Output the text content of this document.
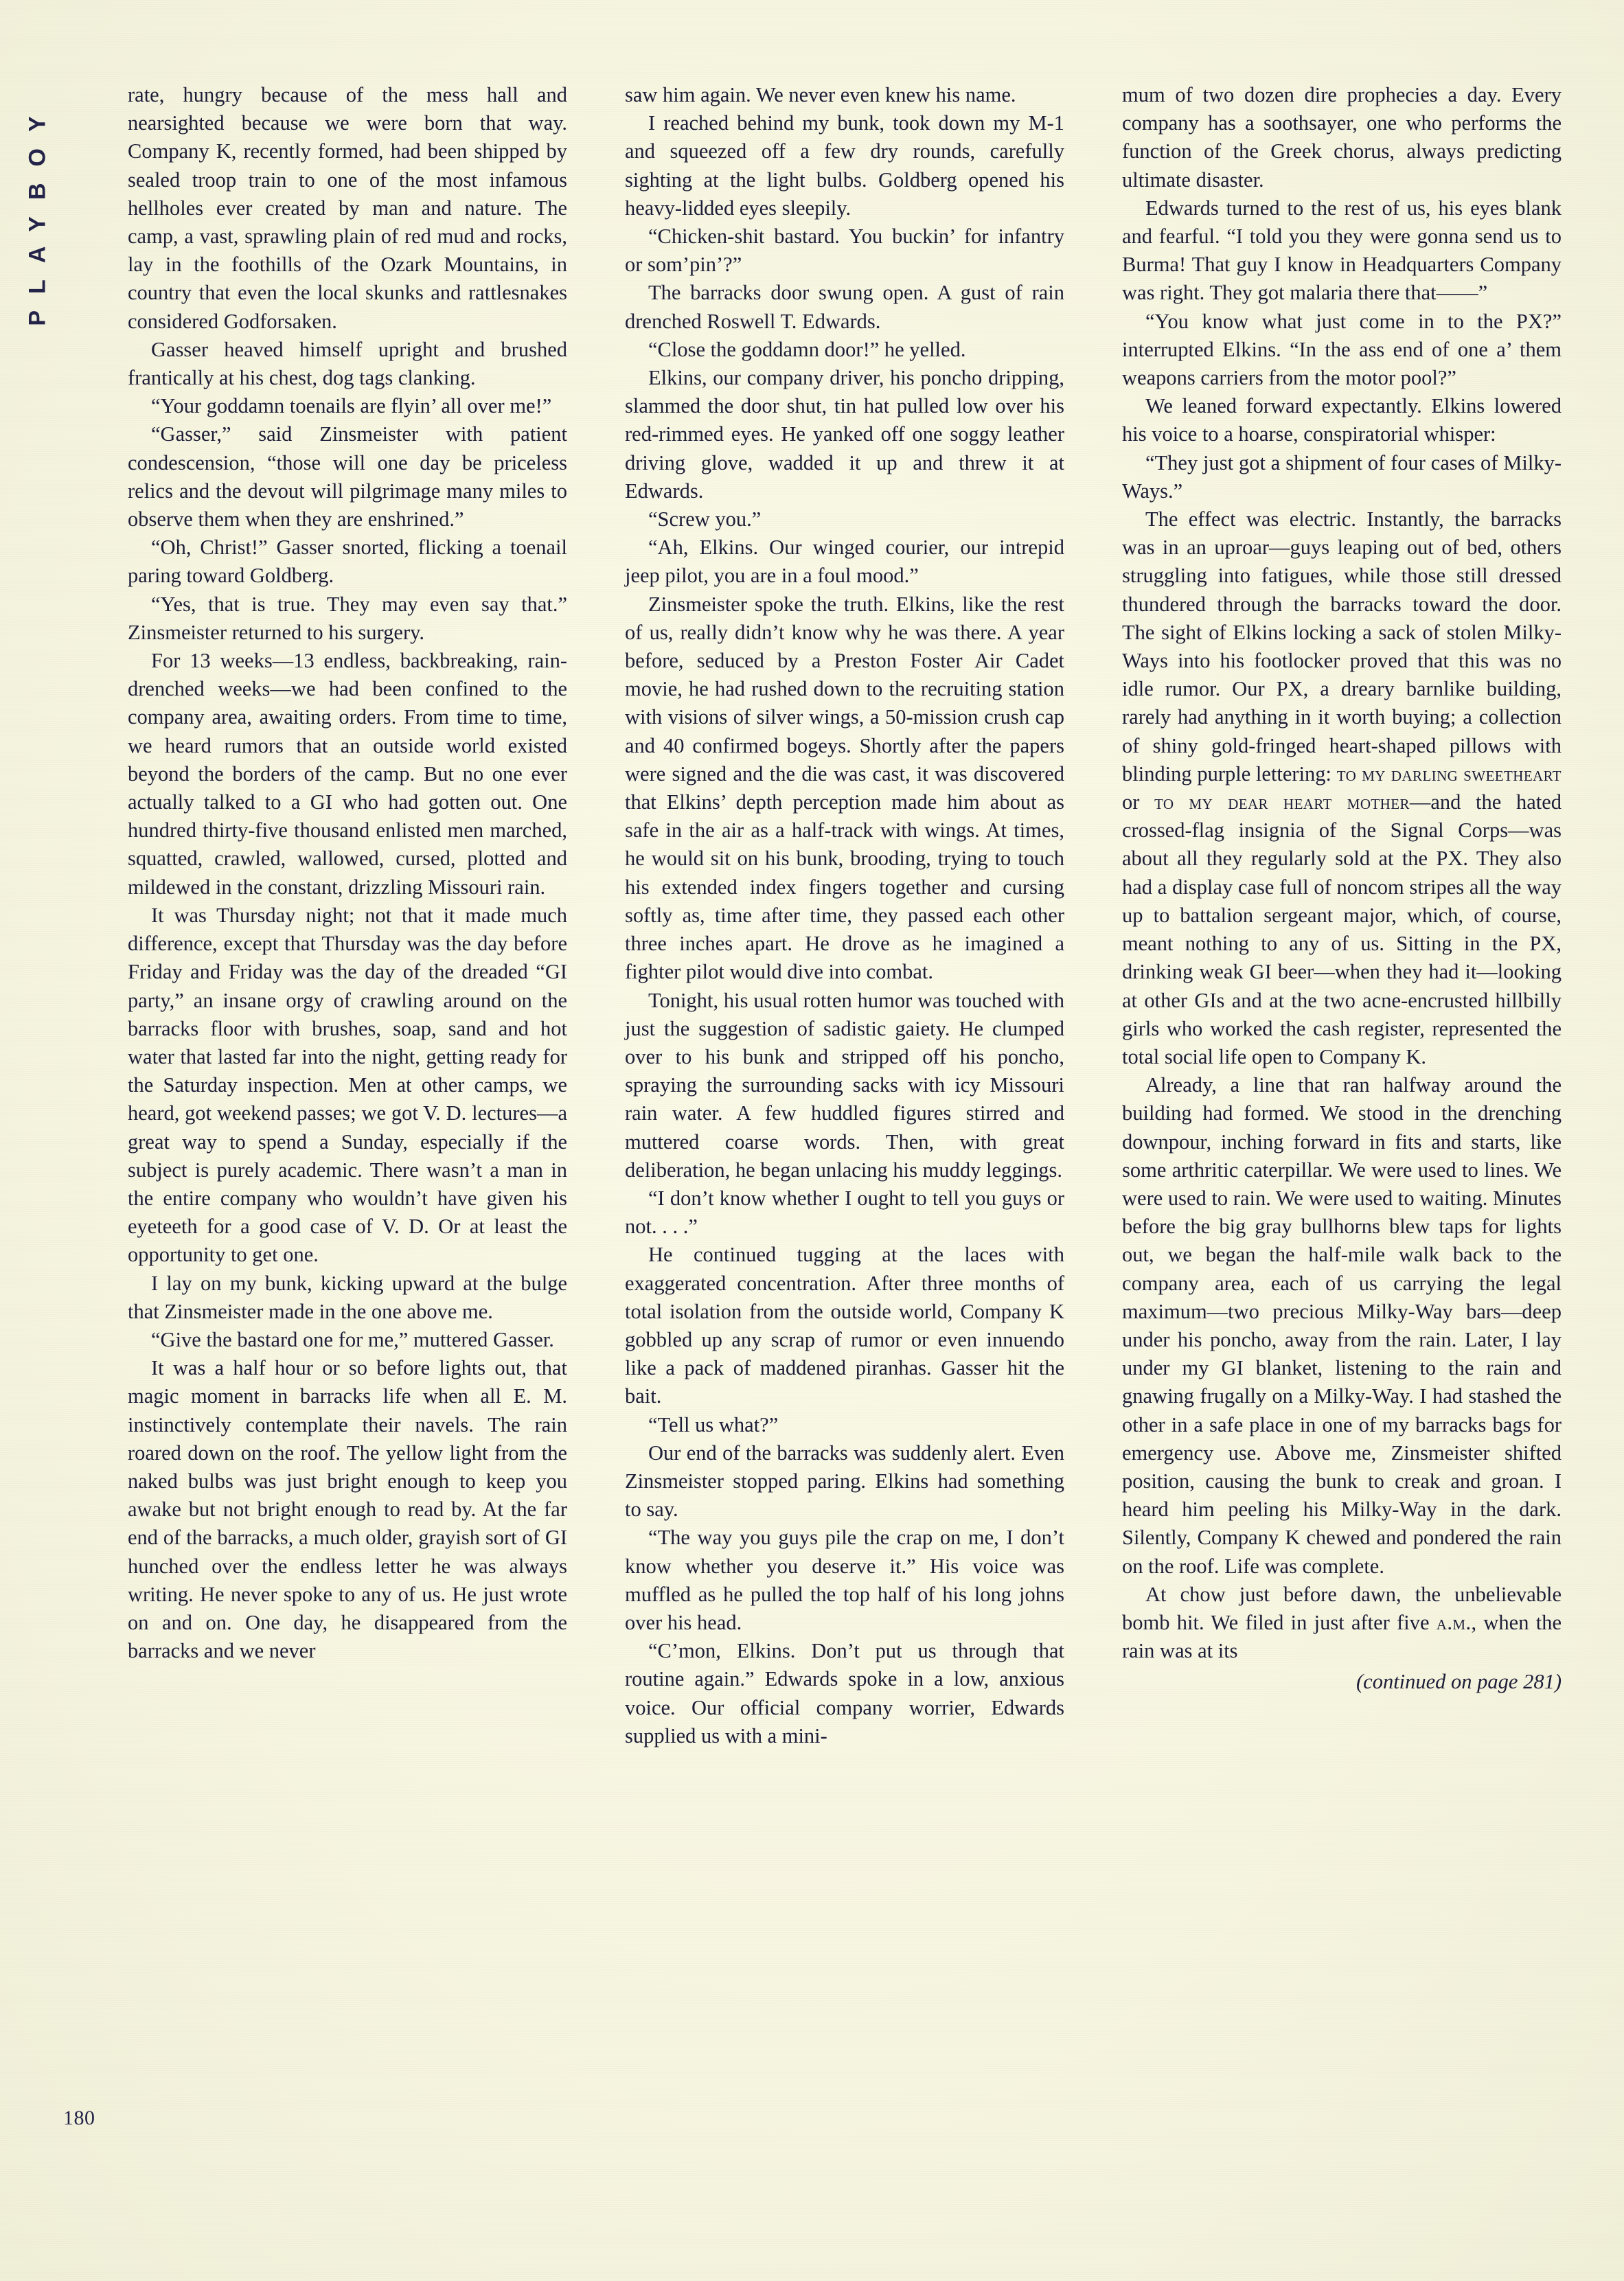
PLAYBOY
180

rate, hungry because of the mess hall and nearsighted because we were born that way. Company K, recently formed, had been shipped by sealed troop train to one of the most infamous hellholes ever created by man and nature. The camp, a vast, sprawling plain of red mud and rocks, lay in the foothills of the Ozark Mountains, in country that even the local skunks and rattlesnakes considered Godforsaken.

Gasser heaved himself upright and brushed frantically at his chest, dog tags clanking.

“Your goddamn toenails are flyin’ all over me!”

“Gasser,” said Zinsmeister with patient condescension, “those will one day be priceless relics and the devout will pilgrimage many miles to observe them when they are enshrined.”

“Oh, Christ!” Gasser snorted, flicking a toenail paring toward Goldberg.

“Yes, that is true. They may even say that.” Zinsmeister returned to his surgery.

For 13 weeks—13 endless, backbreaking, rain-drenched weeks—we had been confined to the company area, awaiting orders. From time to time, we heard rumors that an outside world existed beyond the borders of the camp. But no one ever actually talked to a GI who had gotten out. One hundred thirty-five thousand enlisted men marched, squatted, crawled, wallowed, cursed, plotted and mildewed in the constant, drizzling Missouri rain.

It was Thursday night; not that it made much difference, except that Thursday was the day before Friday and Friday was the day of the dreaded “GI party,” an insane orgy of crawling around on the barracks floor with brushes, soap, sand and hot water that lasted far into the night, getting ready for the Saturday inspection. Men at other camps, we heard, got weekend passes; we got V. D. lectures—a great way to spend a Sunday, especially if the subject is purely academic. There wasn’t a man in the entire company who wouldn’t have given his eyeteeth for a good case of V. D. Or at least the opportunity to get one.

I lay on my bunk, kicking upward at the bulge that Zinsmeister made in the one above me.

“Give the bastard one for me,” muttered Gasser.

It was a half hour or so before lights out, that magic moment in barracks life when all E. M. instinctively contemplate their navels. The rain roared down on the roof. The yellow light from the naked bulbs was just bright enough to keep you awake but not bright enough to read by. At the far end of the barracks, a much older, grayish sort of GI hunched over the endless letter he was always writing. He never spoke to any of us. He just wrote on and on. One day, he disappeared from the barracks and we never

saw him again. We never even knew his name.

I reached behind my bunk, took down my M-1 and squeezed off a few dry rounds, carefully sighting at the light bulbs. Goldberg opened his heavy-lidded eyes sleepily.

“Chicken-shit bastard. You buckin’ for infantry or som’pin’?”

The barracks door swung open. A gust of rain drenched Roswell T. Edwards.

“Close the goddamn door!” he yelled.

Elkins, our company driver, his poncho dripping, slammed the door shut, tin hat pulled low over his red-rimmed eyes. He yanked off one soggy leather driving glove, wadded it up and threw it at Edwards.

“Screw you.”

“Ah, Elkins. Our winged courier, our intrepid jeep pilot, you are in a foul mood.”

Zinsmeister spoke the truth. Elkins, like the rest of us, really didn’t know why he was there. A year before, seduced by a Preston Foster Air Cadet movie, he had rushed down to the recruiting station with visions of silver wings, a 50-mission crush cap and 40 confirmed bogeys. Shortly after the papers were signed and the die was cast, it was discovered that Elkins’ depth perception made him about as safe in the air as a half-track with wings. At times, he would sit on his bunk, brooding, trying to touch his extended index fingers together and cursing softly as, time after time, they passed each other three inches apart. He drove as he imagined a fighter pilot would dive into combat.

Tonight, his usual rotten humor was touched with just the suggestion of sadistic gaiety. He clumped over to his bunk and stripped off his poncho, spraying the surrounding sacks with icy Missouri rain water. A few huddled figures stirred and muttered coarse words. Then, with great deliberation, he began unlacing his muddy leggings.

“I don’t know whether I ought to tell you guys or not. . . .”

He continued tugging at the laces with exaggerated concentration. After three months of total isolation from the outside world, Company K gobbled up any scrap of rumor or even innuendo like a pack of maddened piranhas. Gasser hit the bait.

“Tell us what?”

Our end of the barracks was suddenly alert. Even Zinsmeister stopped paring. Elkins had something to say.

“The way you guys pile the crap on me, I don’t know whether you deserve it.” His voice was muffled as he pulled the top half of his long johns over his head.

“C’mon, Elkins. Don’t put us through that routine again.” Edwards spoke in a low, anxious voice. Our official company worrier, Edwards supplied us with a mini-

mum of two dozen dire prophecies a day. Every company has a soothsayer, one who performs the function of the Greek chorus, always predicting ultimate disaster.

Edwards turned to the rest of us, his eyes blank and fearful. “I told you they were gonna send us to Burma! That guy I know in Headquarters Company was right. They got malaria there that——”

“You know what just come in to the PX?” interrupted Elkins. “In the ass end of one a’ them weapons carriers from the motor pool?”

We leaned forward expectantly. Elkins lowered his voice to a hoarse, conspiratorial whisper:

“They just got a shipment of four cases of Milky-Ways.”

The effect was electric. Instantly, the barracks was in an uproar—guys leaping out of bed, others struggling into fatigues, while those still dressed thundered through the barracks toward the door. The sight of Elkins locking a sack of stolen Milky-Ways into his footlocker proved that this was no idle rumor. Our PX, a dreary barnlike building, rarely had anything in it worth buying; a collection of shiny gold-fringed heart-shaped pillows with blinding purple lettering: to my darling sweetheart or to my dear heart mother—and the hated crossed-flag insignia of the Signal Corps—was about all they regularly sold at the PX. They also had a display case full of noncom stripes all the way up to battalion sergeant major, which, of course, meant nothing to any of us. Sitting in the PX, drinking weak GI beer—when they had it—looking at other GIs and at the two acne-encrusted hillbilly girls who worked the cash register, represented the total social life open to Company K.

Already, a line that ran halfway around the building had formed. We stood in the drenching downpour, inching forward in fits and starts, like some arthritic caterpillar. We were used to lines. We were used to rain. We were used to waiting. Minutes before the big gray bullhorns blew taps for lights out, we began the half-mile walk back to the company area, each of us carrying the legal maximum—two precious Milky-Way bars—deep under his poncho, away from the rain. Later, I lay under my GI blanket, listening to the rain and gnawing frugally on a Milky-Way. I had stashed the other in a safe place in one of my barracks bags for emergency use. Above me, Zinsmeister shifted position, causing the bunk to creak and groan. I heard him peeling his Milky-Way in the dark. Silently, Company K chewed and pondered the rain on the roof. Life was complete.

At chow just before dawn, the unbelievable bomb hit. We filed in just after five a.m., when the rain was at its

(continued on page 281)
